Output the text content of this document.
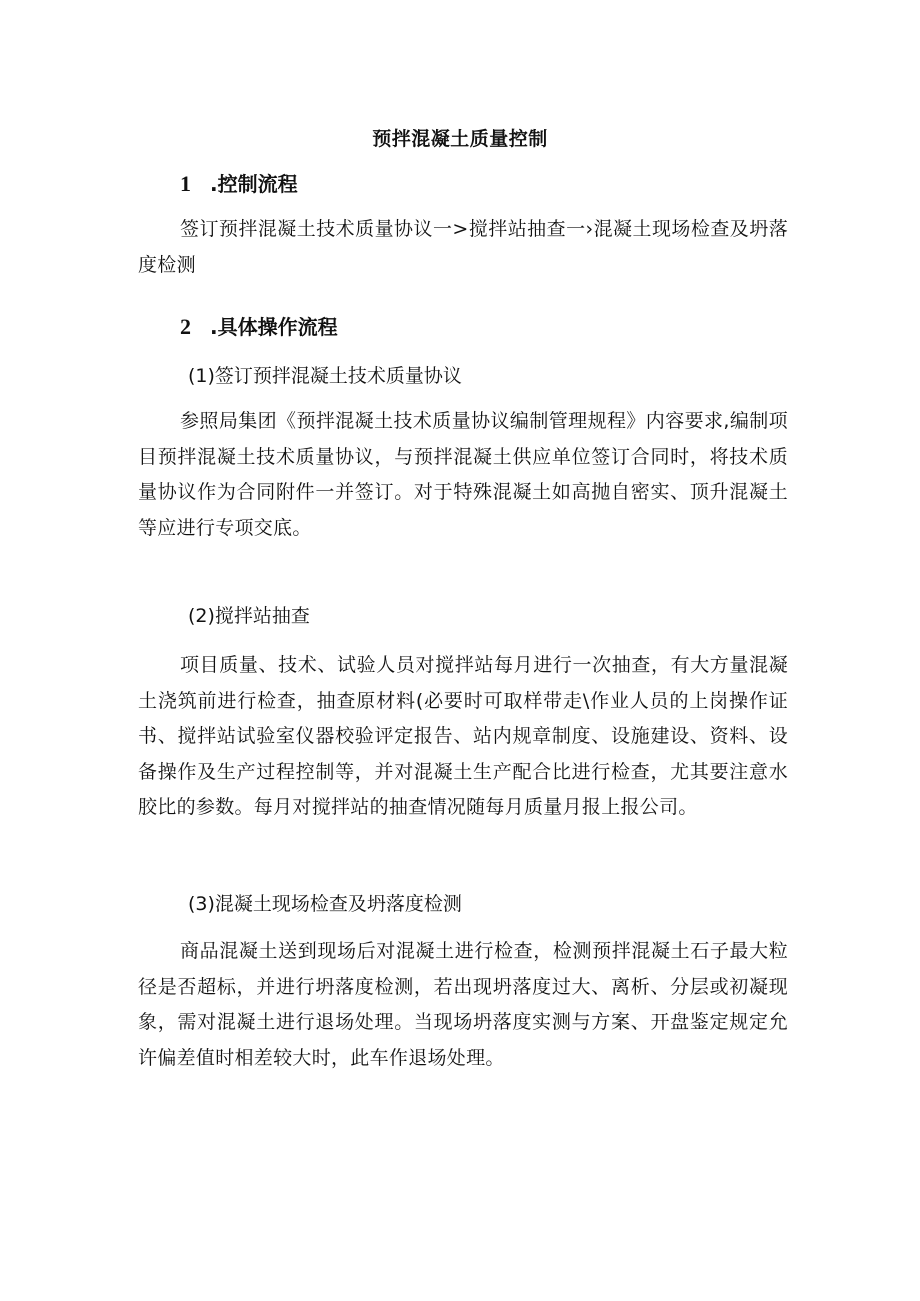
预拌混凝土质量控制
1 .控制流程

签订预拌混凝土技术质量协议一>搅拌站抽查一›混凝土现场检查及坍落度检测

2 .具体操作流程
(1)签订预拌混凝土技术质量协议

参照局集团《预拌混凝土技术质量协议编制管理规程》内容要求,编制项目预拌混凝土技术质量协议，与预拌混凝土供应单位签订合同时，将技术质量协议作为合同附件一并签订。对于特殊混凝土如高抛自密实、顶升混凝土等应进行专项交底。

(2)搅拌站抽查

项目质量、技术、试验人员对搅拌站每月进行一次抽查，有大方量混凝土浇筑前进行检查，抽查原材料(必要时可取样带走\作业人员的上岗操作证书、搅拌站试验室仪器校验评定报告、站内规章制度、设施建设、资料、设备操作及生产过程控制等，并对混凝土生产配合比进行检查，尤其要注意水胶比的参数。每月对搅拌站的抽查情况随每月质量月报上报公司。

(3)混凝土现场检查及坍落度检测

商品混凝土送到现场后对混凝土进行检查，检测预拌混凝土石子最大粒径是否超标，并进行坍落度检测，若出现坍落度过大、离析、分层或初凝现象，需对混凝土进行退场处理。当现场坍落度实测与方案、开盘鉴定规定允许偏差值时相差较大时，此车作退场处理。
